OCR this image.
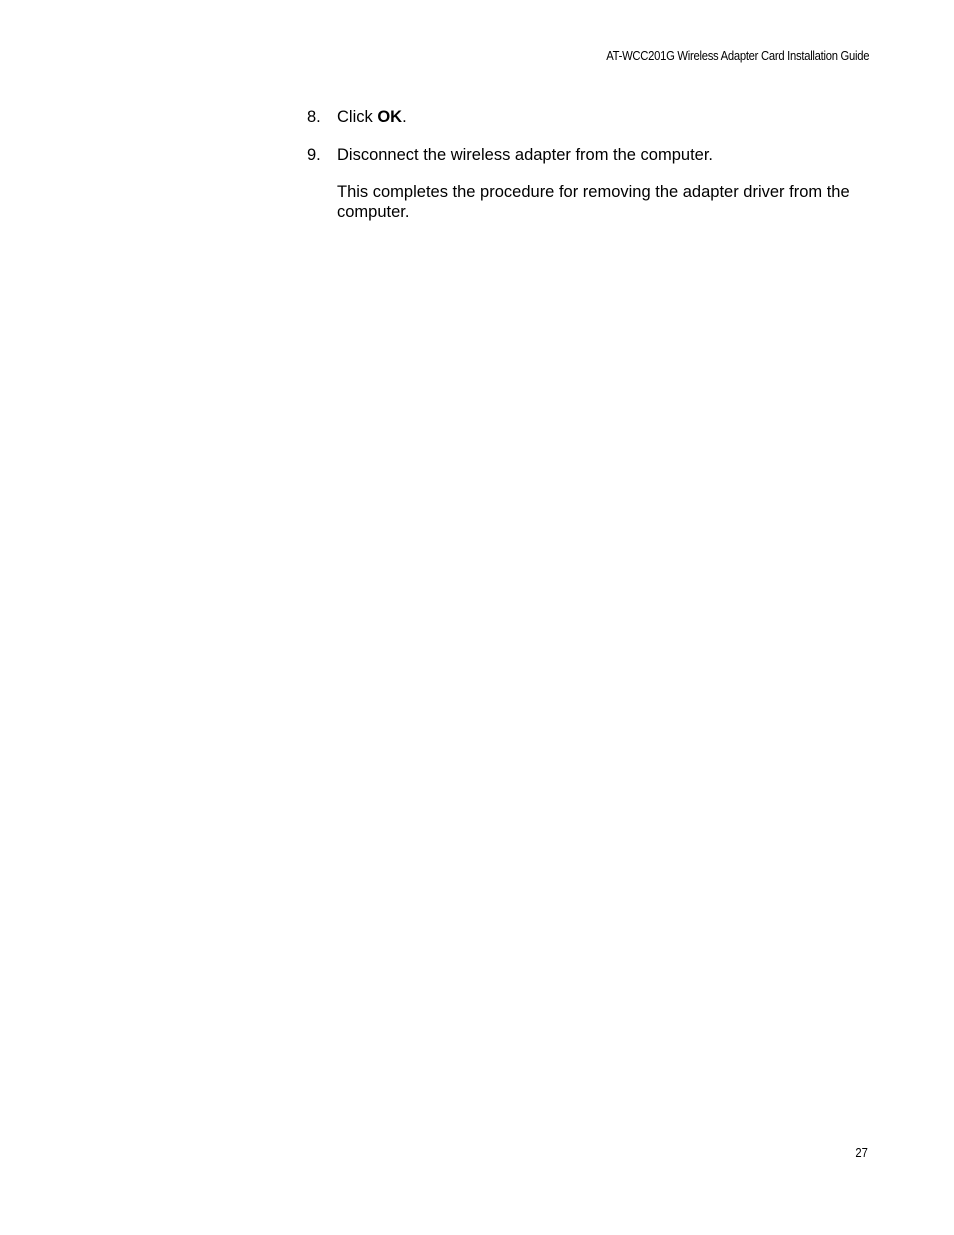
AT-WCC201G Wireless Adapter Card Installation Guide
8. Click OK.
9. Disconnect the wireless adapter from the computer.

This completes the procedure for removing the adapter driver from the computer.

27
